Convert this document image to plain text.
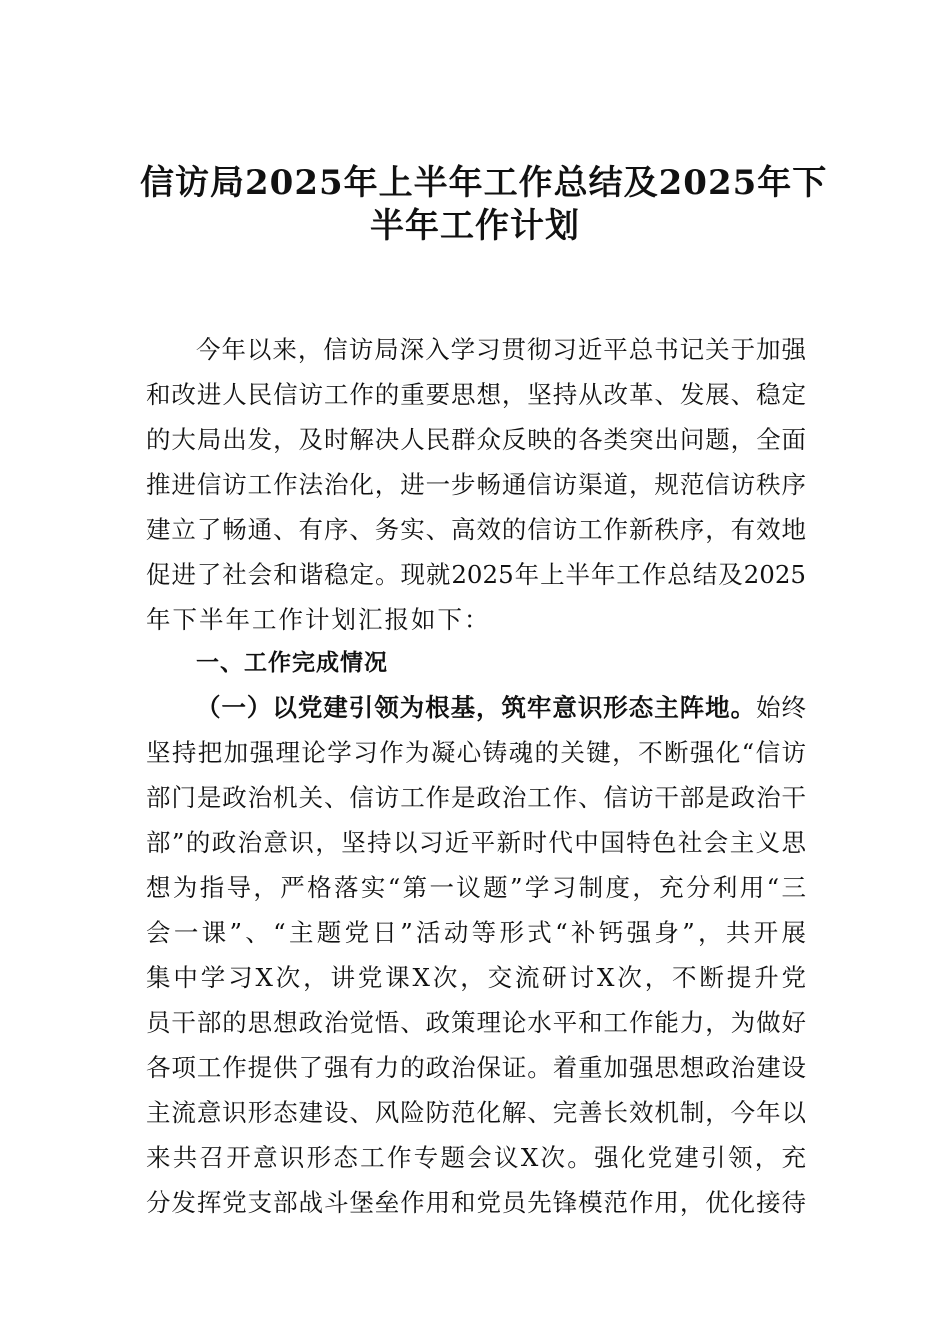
信访局2025年上半年工作总结及2025年下
半年工作计划
今年以来，信访局深入学习贯彻习近平总书记关于加强
和改进人民信访工作的重要思想，坚持从改革、发展、稳定
的大局出发，及时解决人民群众反映的各类突出问题，全面
推进信访工作法治化，进一步畅通信访渠道，规范信访秩序
建立了畅通、有序、务实、高效的信访工作新秩序，有效地
促进了社会和谐稳定。现就2025年上半年工作总结及2025
年下半年工作计划汇报如下：
一、工作完成情况
（一）以党建引领为根基，筑牢意识形态主阵地。始终
坚持把加强理论学习作为凝心铸魂的关键，不断强化“信访
部门是政治机关、信访工作是政治工作、信访干部是政治干
部”的政治意识，坚持以习近平新时代中国特色社会主义思
想为指导，严格落实“第一议题”学习制度，充分利用“三
会一课”、“主题党日”活动等形式“补钙强身”，共开展
集中学习X次，讲党课X次，交流研讨X次，不断提升党
员干部的思想政治觉悟、政策理论水平和工作能力，为做好
各项工作提供了强有力的政治保证。着重加强思想政治建设
主流意识形态建设、风险防范化解、完善长效机制，今年以
来共召开意识形态工作专题会议X次。强化党建引领，充
分发挥党支部战斗堡垒作用和党员先锋模范作用，优化接待
